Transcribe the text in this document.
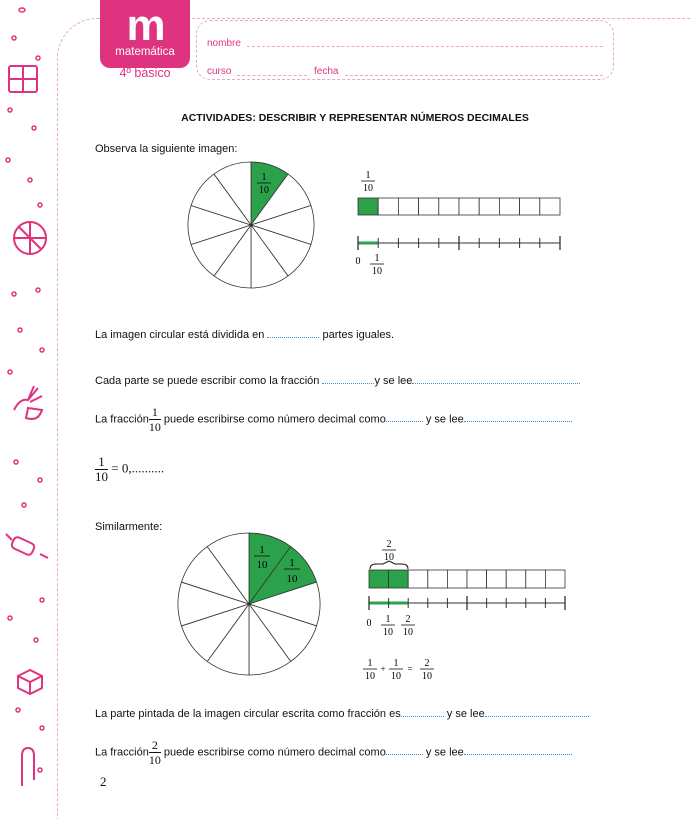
m
matemática
4º básico
nombre
curso	fecha
ACTIVIDADES: DESCRIBIR Y REPRESENTAR NÚMEROS DECIMALES
Observa la siguiente imagen:
1
10
1
10
0 1
10
La imagen circular está dividida en	partes iguales.
Cada parte se puede escribir como la fracción	y se lee
La fracción $\frac{1}{10}$ puede escribirse como número decimal como	y se lee
$\frac{1}{10} = 0$,..........
Similarmente:
1
10 1
10
2
10
0 1
10
2
10
1
10
+ 1
10
= 2
10
La parte pintada de la imagen circular escrita como fracción es	y se lee
La fracción $\frac{2}{10}$ puede escribirse como número decimal como	y se lee
2
